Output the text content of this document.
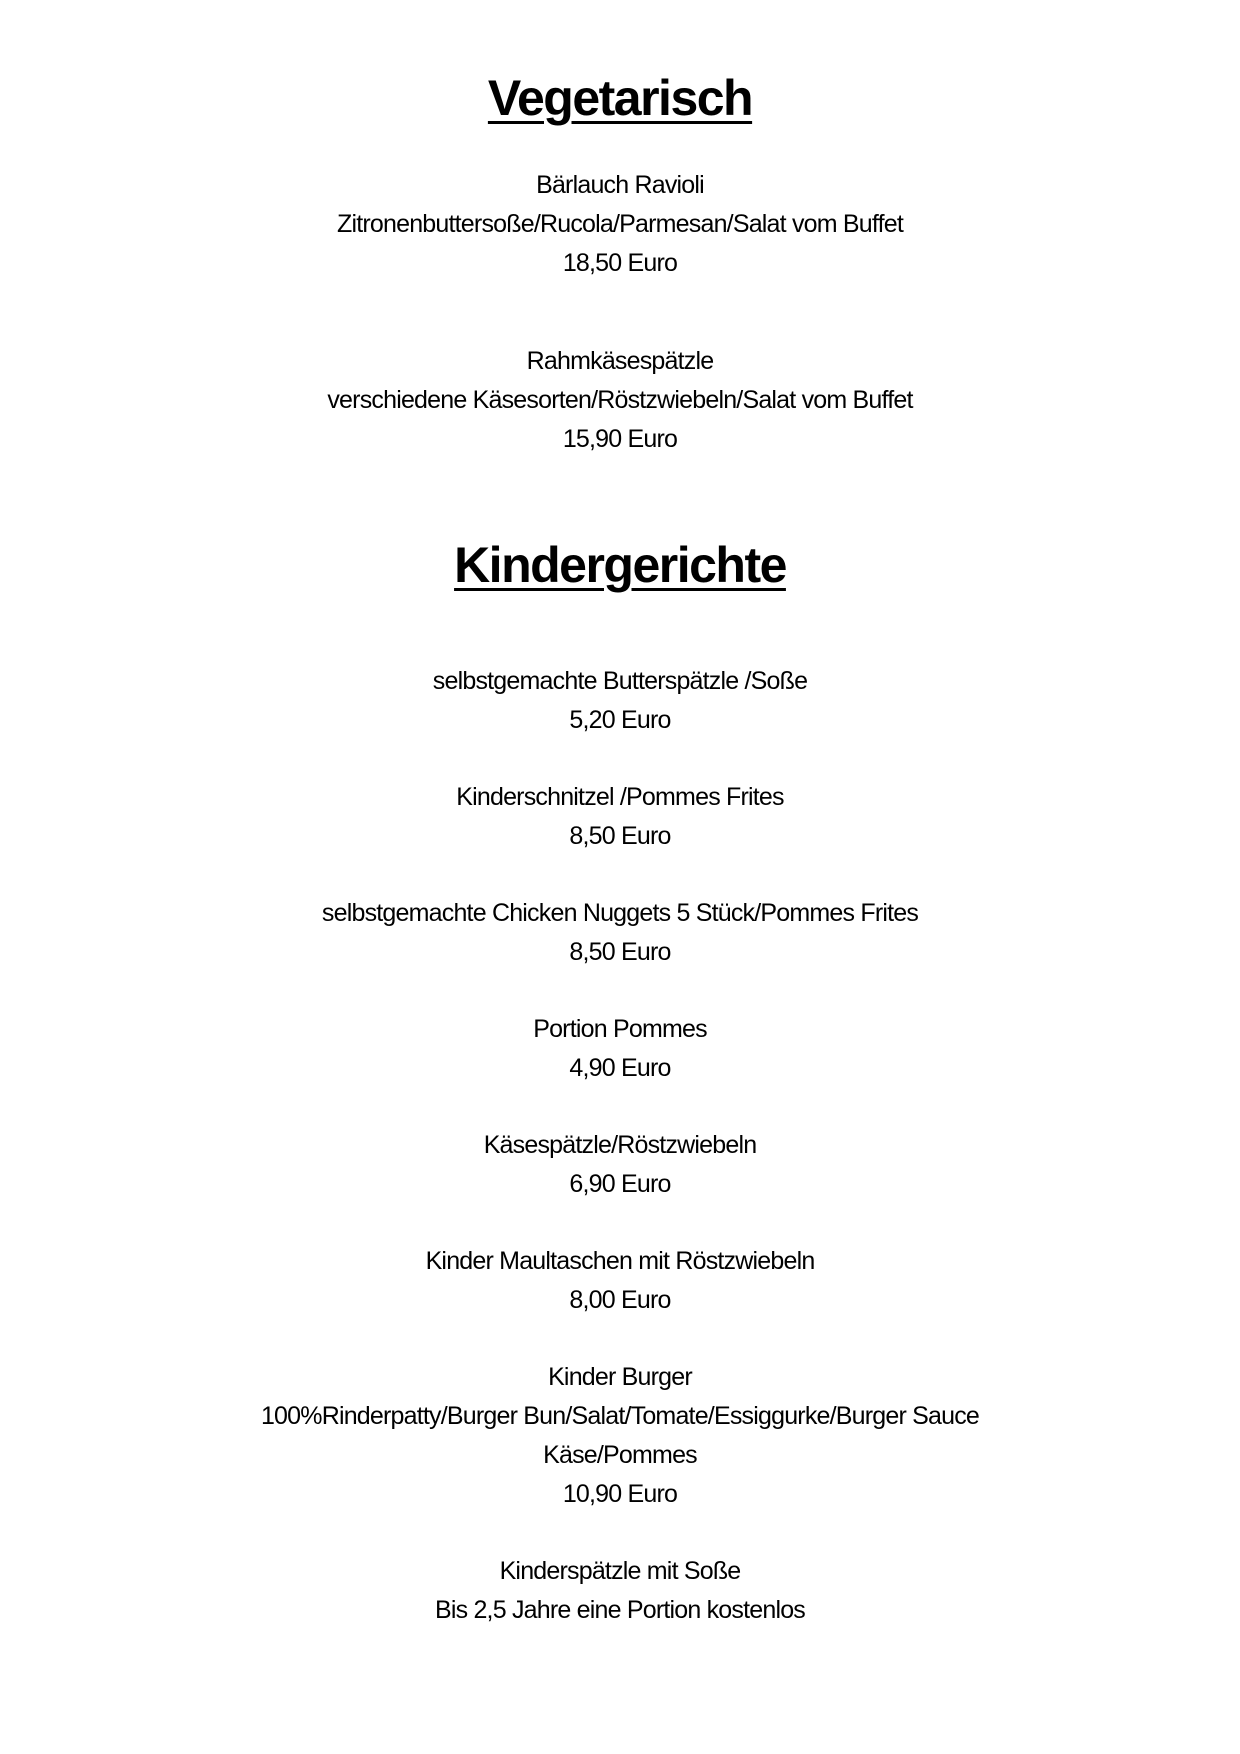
Vegetarisch
Bärlauch Ravioli
Zitronenbuttersoße/Rucola/Parmesan/Salat vom Buffet
18,50 Euro
Rahmkäsespätzle
verschiedene Käsesorten/Röstzwiebeln/Salat vom Buffet
15,90 Euro
Kindergerichte
selbstgemachte Butterspätzle /Soße
5,20 Euro
Kinderschnitzel /Pommes Frites
8,50 Euro
selbstgemachte Chicken Nuggets 5 Stück/Pommes Frites
8,50 Euro
Portion Pommes
4,90 Euro
Käsespätzle/Röstzwiebeln
6,90 Euro
Kinder Maultaschen mit Röstzwiebeln
8,00 Euro
Kinder Burger
100%Rinderpatty/Burger Bun/Salat/Tomate/Essiggurke/Burger Sauce
Käse/Pommes
10,90 Euro
Kinderspätzle mit Soße
Bis 2,5 Jahre eine Portion kostenlos
